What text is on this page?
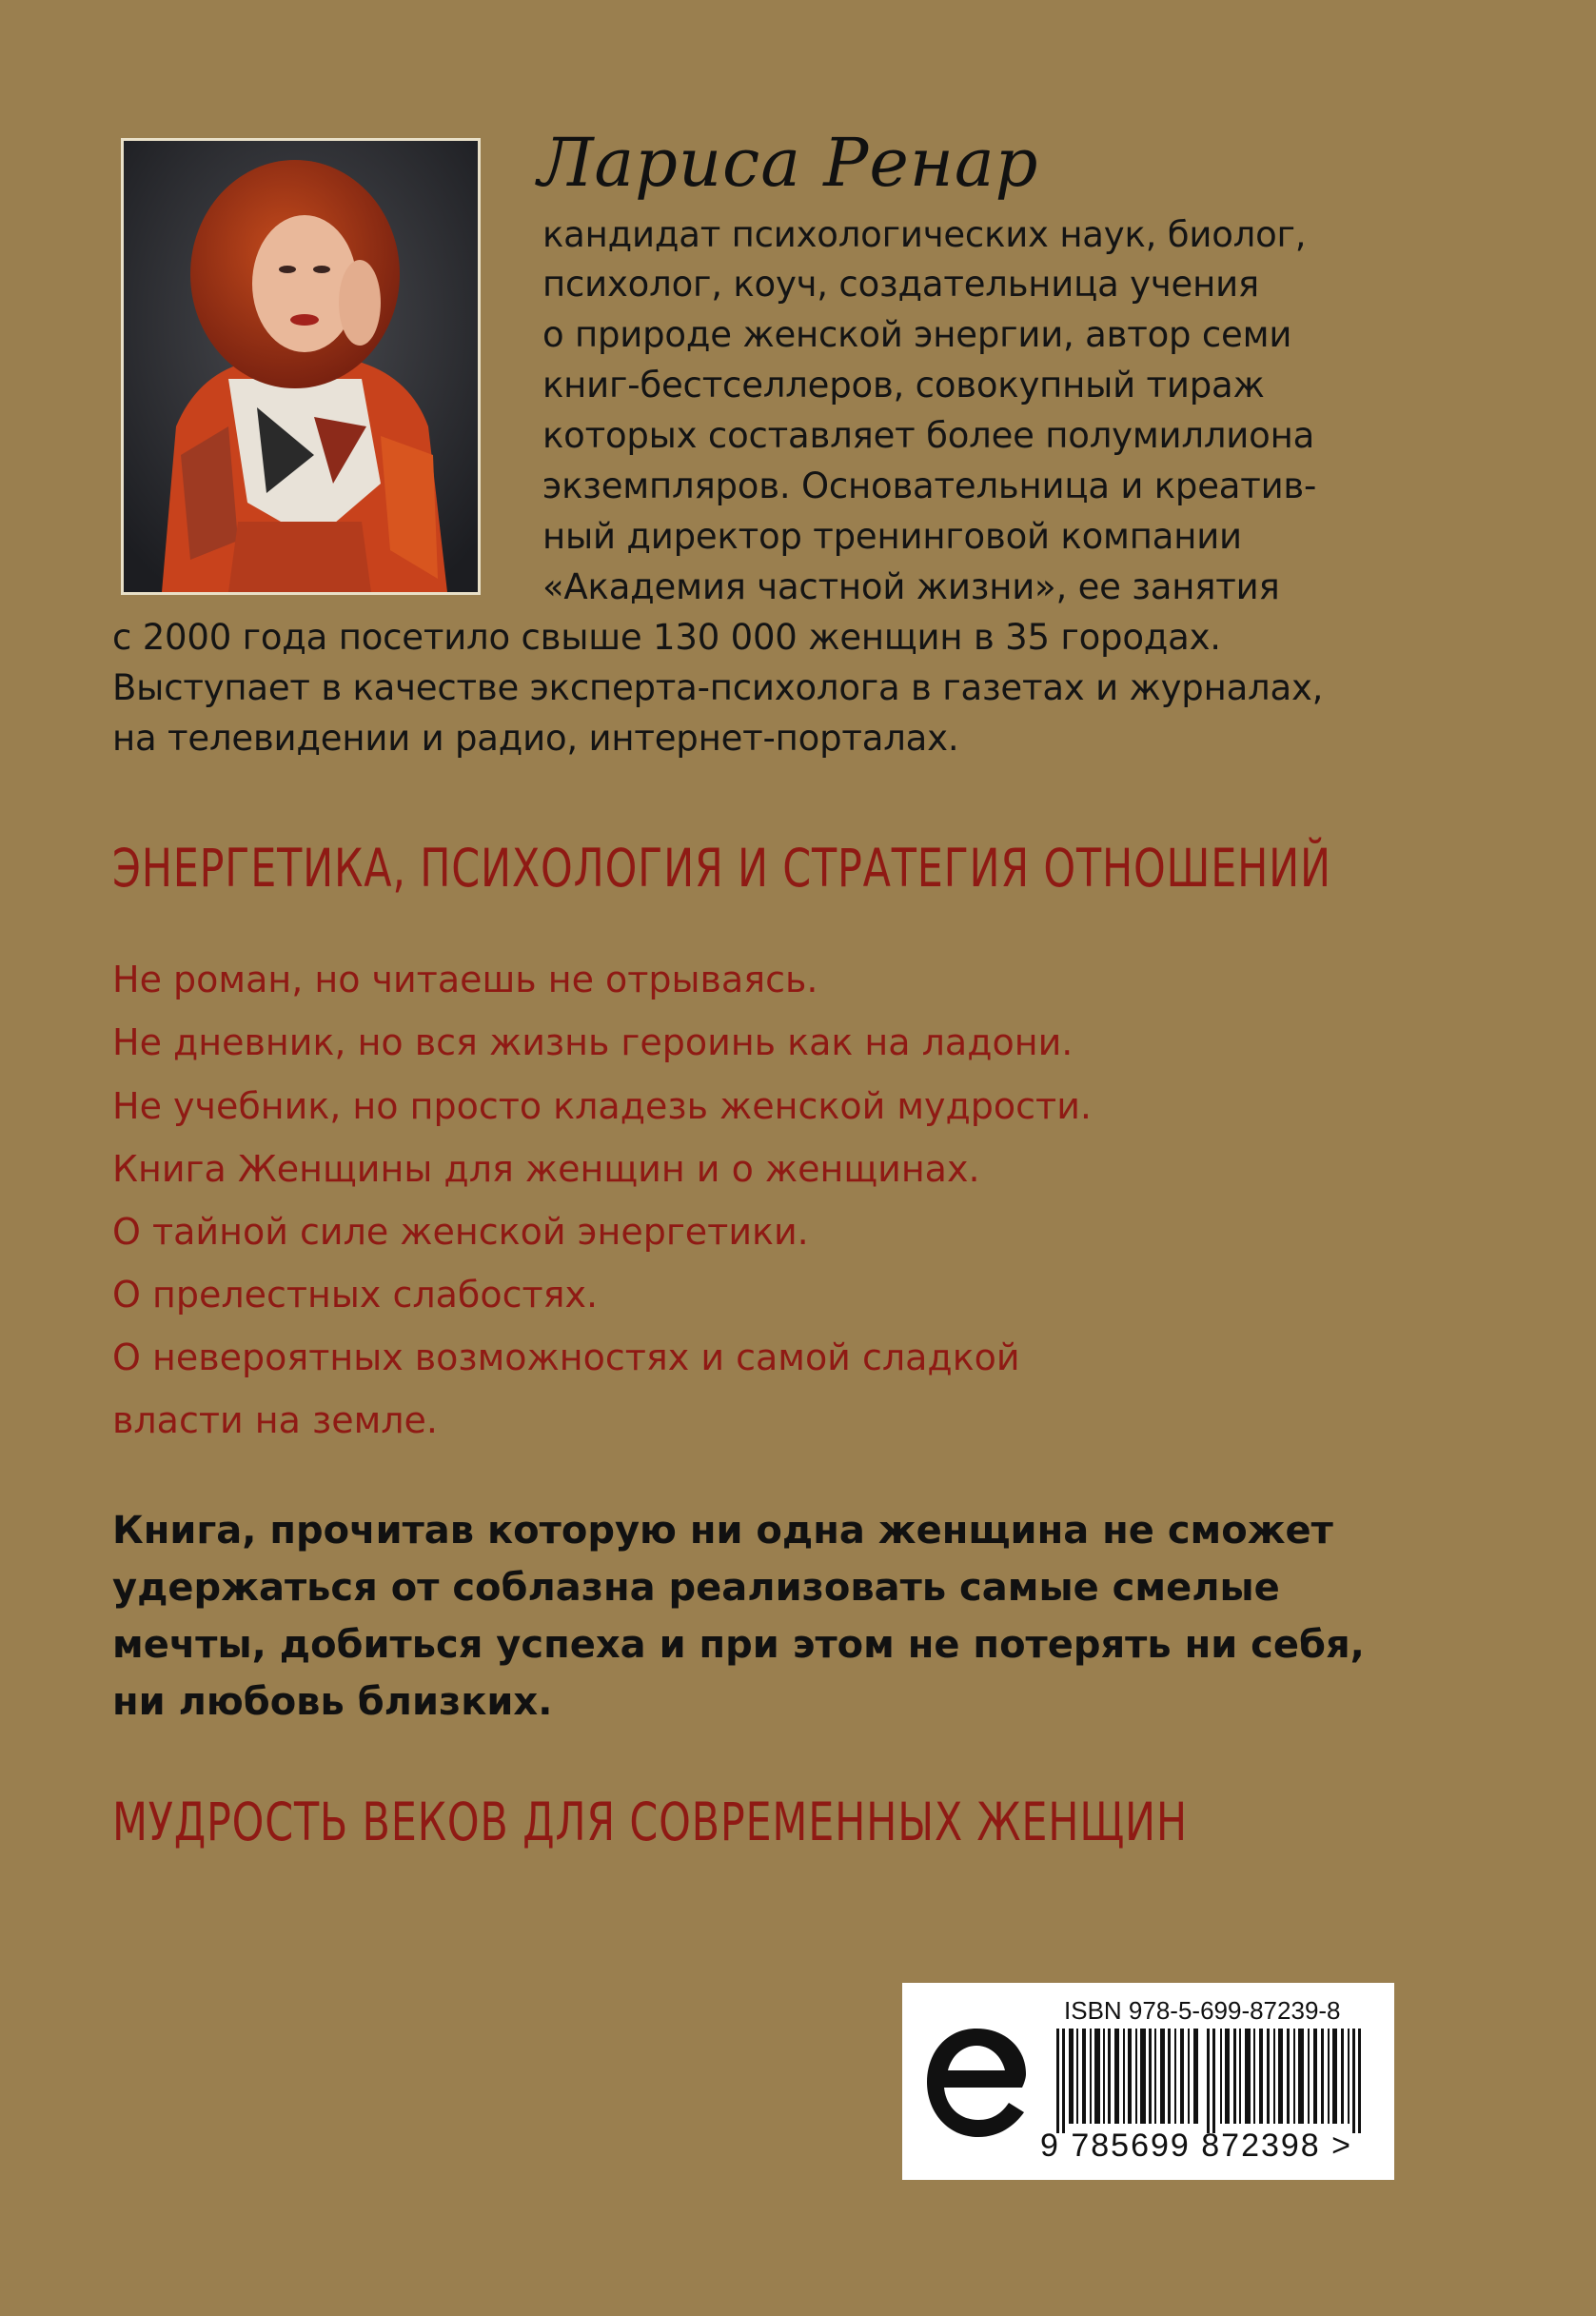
Лариса Ренар
кандидат психологических наук, биолог,
психолог, коуч, создательница учения
о природе женской энергии, автор семи
книг-бестселлеров, совокупный тираж
которых составляет более полумиллиона
экземпляров. Основательница и креатив-
ный директор тренинговой компании
«Академия частной жизни», ее занятия
с 2000 года посетило свыше 130 000 женщин в 35 городах.
Выступает в качестве эксперта-психолога в газетах и журналах,
на телевидении и радио, интернет-порталах.
ЭНЕРГЕТИКА, ПСИХОЛОГИЯ И СТРАТЕГИЯ ОТНОШЕНИЙ
Не роман, но читаешь не отрываясь.
Не дневник, но вся жизнь героинь как на ладони.
Не учебник, но просто кладезь женской мудрости.
Книга Женщины для женщин и о женщинах.
О тайной силе женской энергетики.
О прелестных слабостях.
О невероятных возможностях и самой сладкой
власти на земле.
Книга, прочитав которую ни одна женщина не сможет
удержаться от соблазна реализовать самые смелые
мечты, добиться успеха и при этом не потерять ни себя,
ни любовь близких.
МУДРОСТЬ ВЕКОВ ДЛЯ СОВРЕМЕННЫХ ЖЕНЩИН
ISBN 978-5-699-87239-8
9 785699 872398 >
